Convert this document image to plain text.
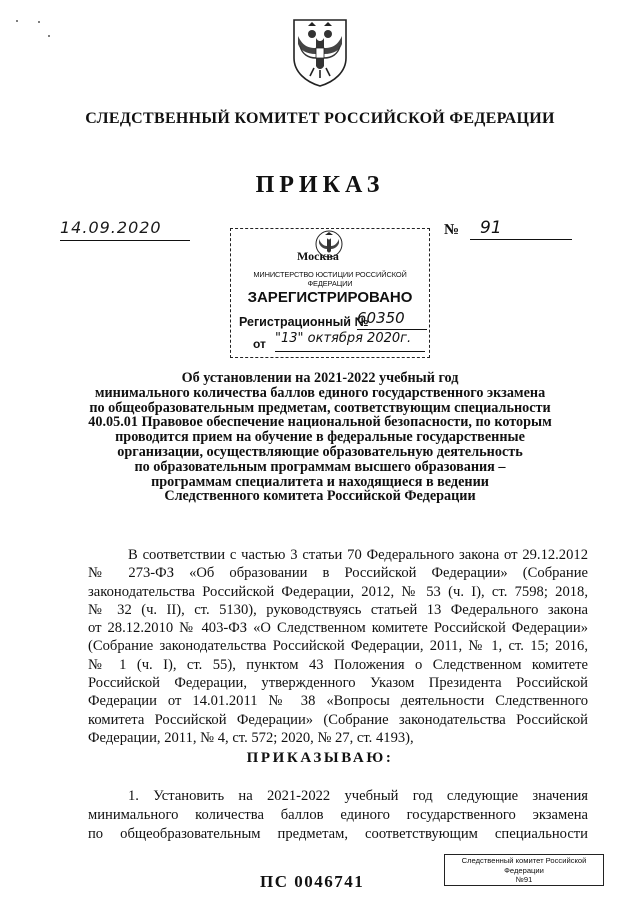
СЛЕДСТВЕННЫЙ КОМИТЕТ РОССИЙСКОЙ ФЕДЕРАЦИИ
ПРИКАЗ
14.09.2020	№	91
Москва
МИНИСТЕРСТВО ЮСТИЦИИ РОССИЙСКОЙ ФЕДЕРАЦИИ
ЗАРЕГИСТРИРОВАНО
Регистрационный №
60350
от "13" октября 2020г.
Об установлении на 2021-2022 учебный год
минимального количества баллов единого государственного экзамена
по общеобразовательным предметам, соответствующим специальности
40.05.01 Правовое обеспечение национальной безопасности, по которым
проводится прием на обучение в федеральные государственные
организации, осуществляющие образовательную деятельность
по образовательным программам высшего образования –
программам специалитета и находящиеся в ведении
Следственного комитета Российской Федерации
В соответствии с частью 3 статьи 70 Федерального закона от 29.12.2012
№ 273-ФЗ «Об образовании в Российской Федерации» (Собрание
законодательства Российской Федерации, 2012, № 53 (ч. I), ст. 7598; 2018,
№ 32 (ч. II), ст. 5130), руководствуясь статьей 13 Федерального закона
от 28.12.2010 № 403-ФЗ «О Следственном комитете Российской Федерации»
(Собрание законодательства Российской Федерации, 2011, № 1, ст. 15; 2016,
№ 1 (ч. I), ст. 55), пунктом 43 Положения о Следственном комитете
Российской Федерации, утвержденного Указом Президента Российской
Федерации от 14.01.2011 № 38 «Вопросы деятельности Следственного
комитета Российской Федерации» (Собрание законодательства Российской
Федерации, 2011, № 4, ст. 572; 2020, № 27, ст. 4193),
ПРИКАЗЫВАЮ:
1. Установить на 2021-2022 учебный год следующие значения
минимального количества баллов единого государственного экзамена
по общеобразовательным предметам, соответствующим специальности
ПС 0046741
Следственный комитет Российской
Федерации
№91
